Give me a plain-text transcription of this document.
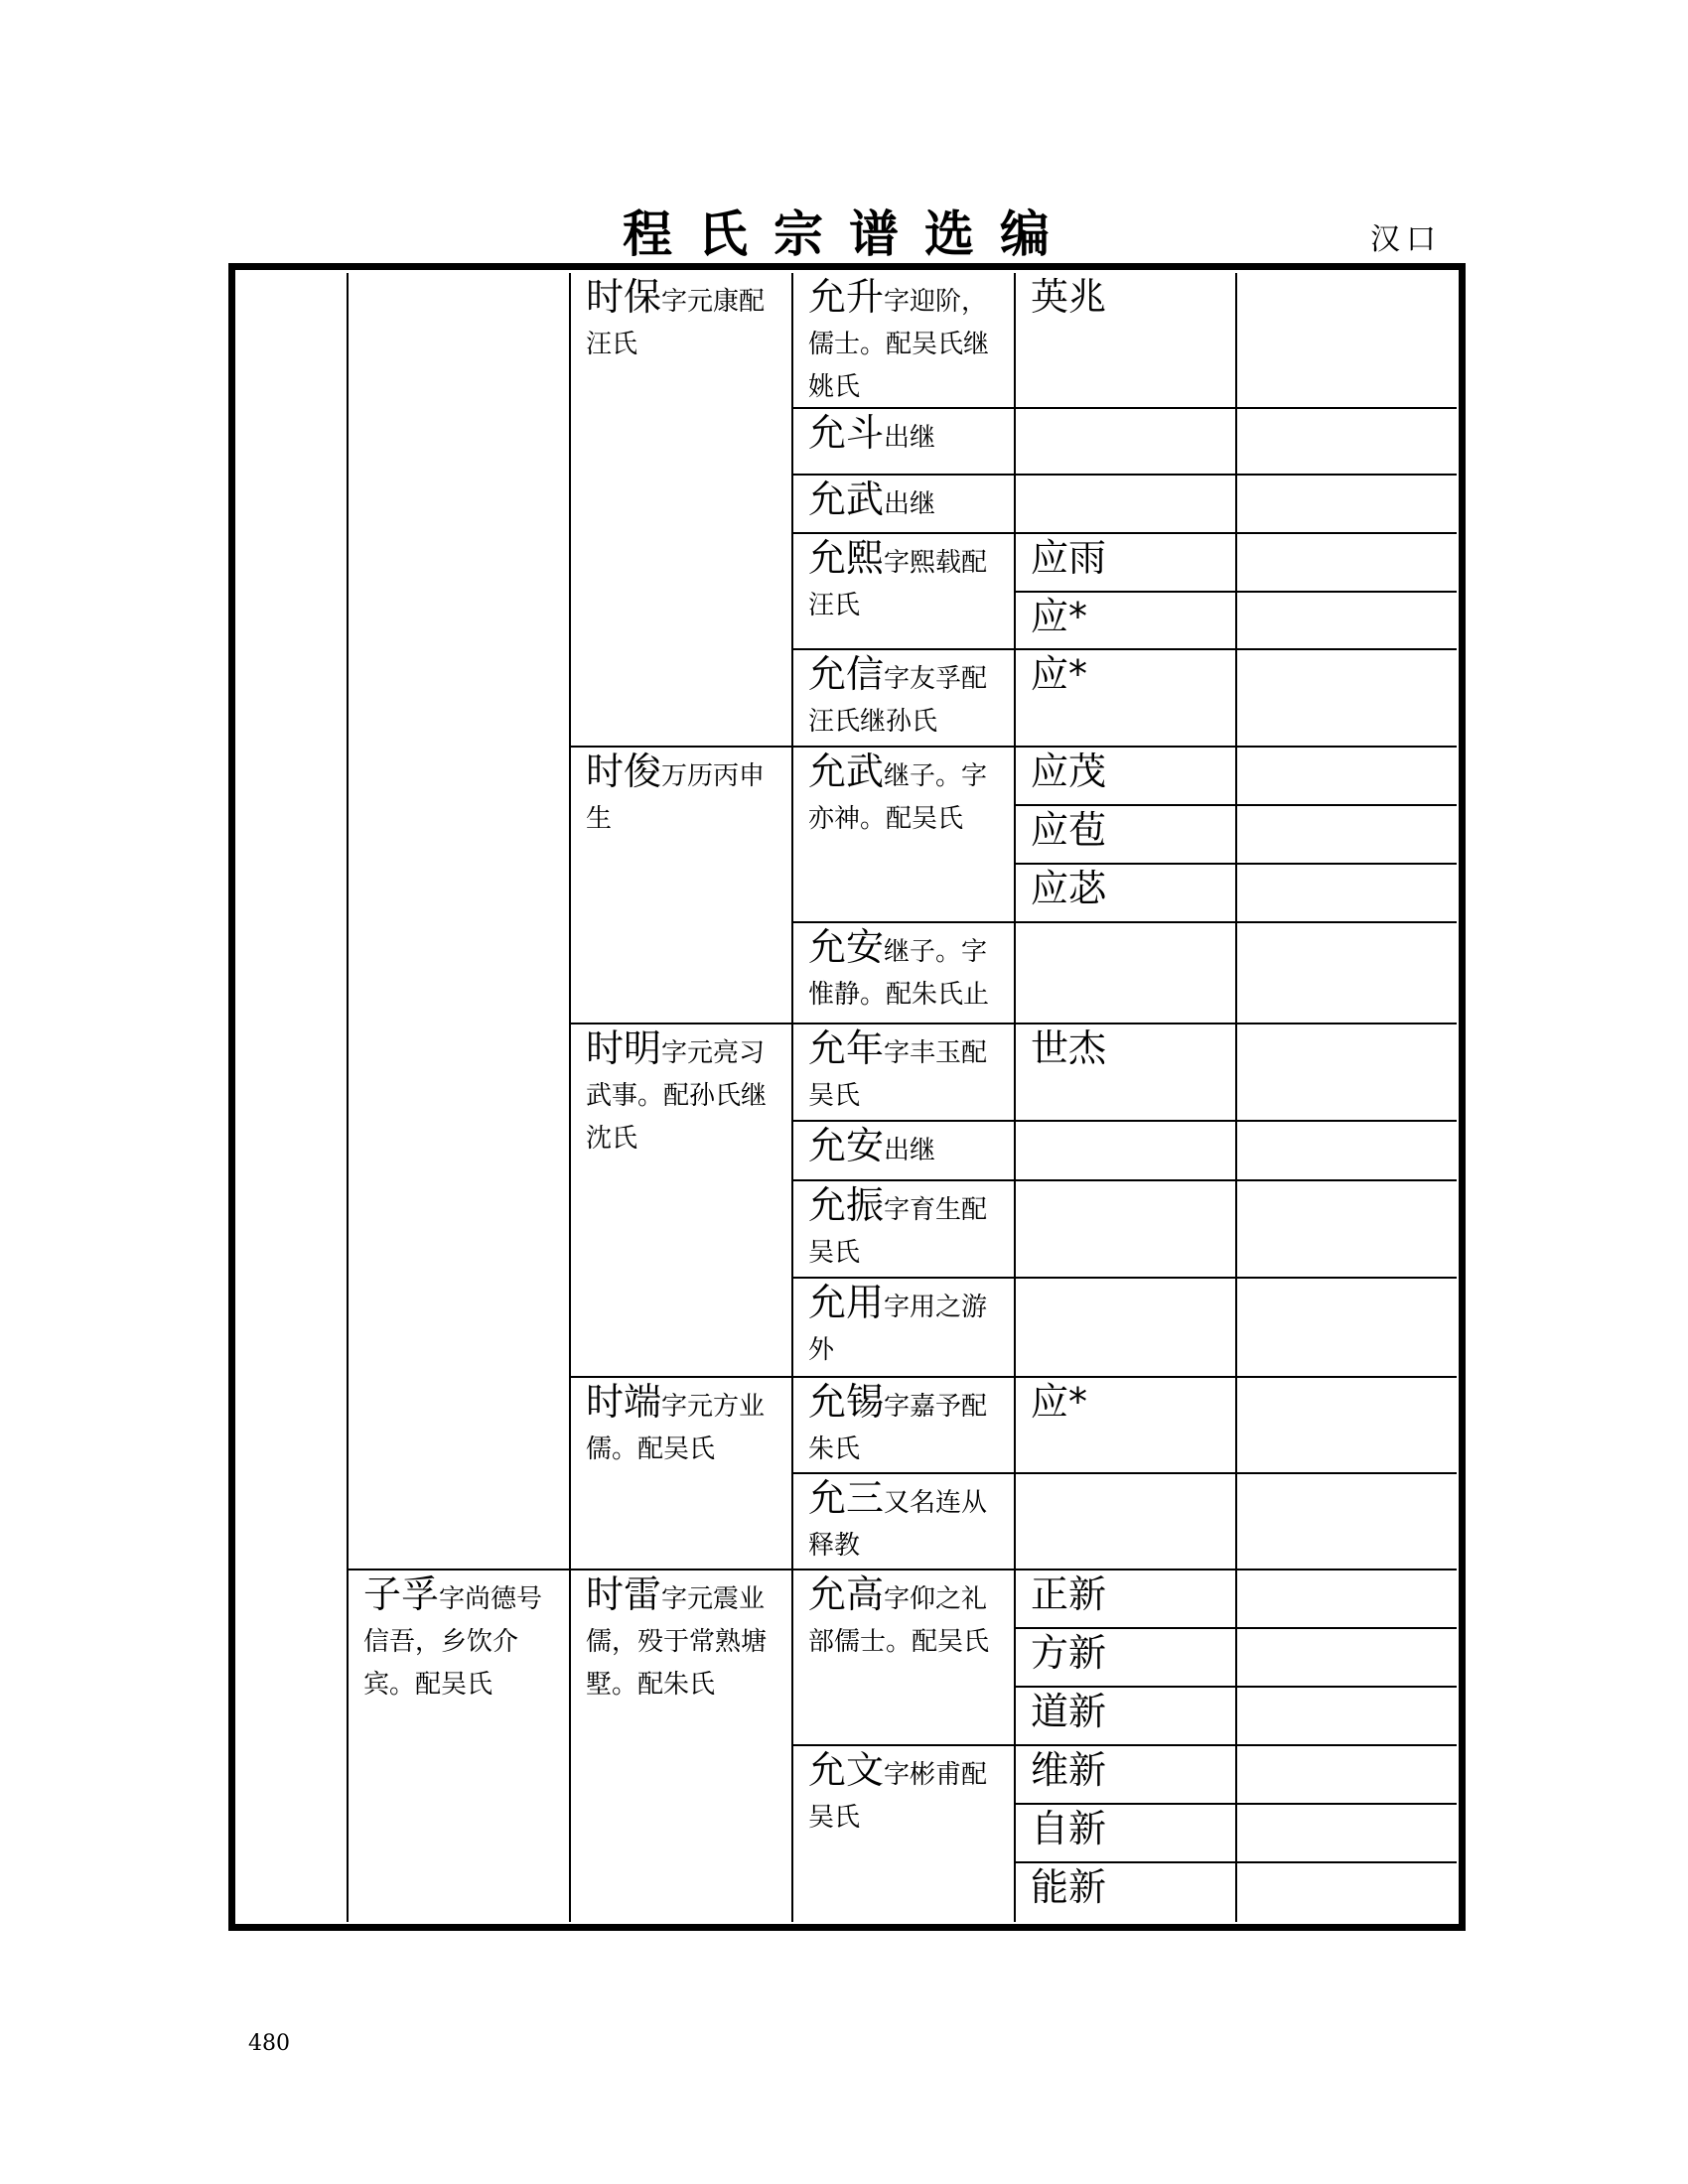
程氏宗谱选编	汉口
子孚字尚德号信吾，乡饮介宾。配吴氏
时保字元康配汪氏
时俊万历丙申生
时明字元亮习武事。配孙氏继沈氏
时端字元方业儒。配吴氏
时雷字元震业儒，殁于常熟塘墅。配朱氏
允升字迎阶，儒士。配吴氏继姚氏
允斗出继
允武出继
允熙字熙载配汪氏
允信字友孚配汪氏继孙氏
允武继子。字亦神。配吴氏
允安继子。字惟静。配朱氏止
允年字丰玉配吴氏
允安出继
允振字育生配吴氏
允用字用之游外
允锡字嘉予配朱氏
允三又名连从释教
允高字仰之礼部儒士。配吴氏
允文字彬甫配吴氏
英兆
应雨
应*
应*
应茂
应苞
应苾
世杰
应*
正新
方新
道新
维新
自新
能新
480
